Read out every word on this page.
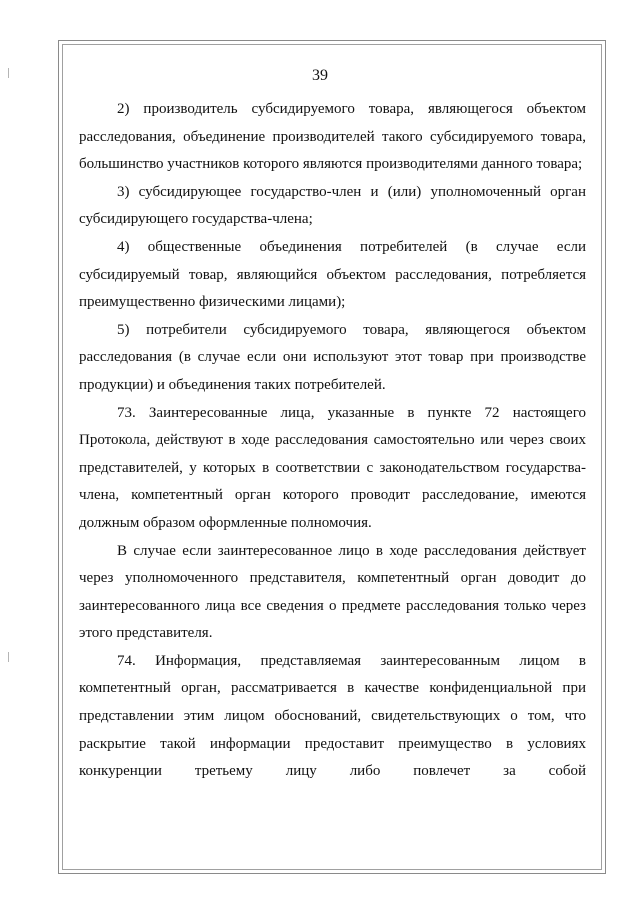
39

2) производитель субсидируемого товара, являющегося объектом расследования, объединение производителей такого субсидируемого товара, большинство участников которого являются производителями данного товара;

3) субсидирующее государство-член и (или) уполномоченный орган субсидирующего государства-члена;

4) общественные объединения потребителей (в случае если субсидируемый товар, являющийся объектом расследования, потребляется преимущественно физическими лицами);

5) потребители субсидируемого товара, являющегося объектом расследования (в случае если они используют этот товар при производстве продукции) и объединения таких потребителей.

73. Заинтересованные лица, указанные в пункте 72 настоящего Протокола, действуют в ходе расследования самостоятельно или через своих представителей, у которых в соответствии с законодательством государства-члена, компетентный орган которого проводит расследование, имеются должным образом оформленные полномочия.

В случае если заинтересованное лицо в ходе расследования действует через уполномоченного представителя, компетентный орган доводит до заинтересованного лица все сведения о предмете расследования только через этого представителя.

74. Информация, представляемая заинтересованным лицом в компетентный орган, рассматривается в качестве конфиденциальной при представлении этим лицом обоснований, свидетельствующих о том, что раскрытие такой информации предоставит преимущество в условиях конкуренции третьему лицу либо повлечет за собой
